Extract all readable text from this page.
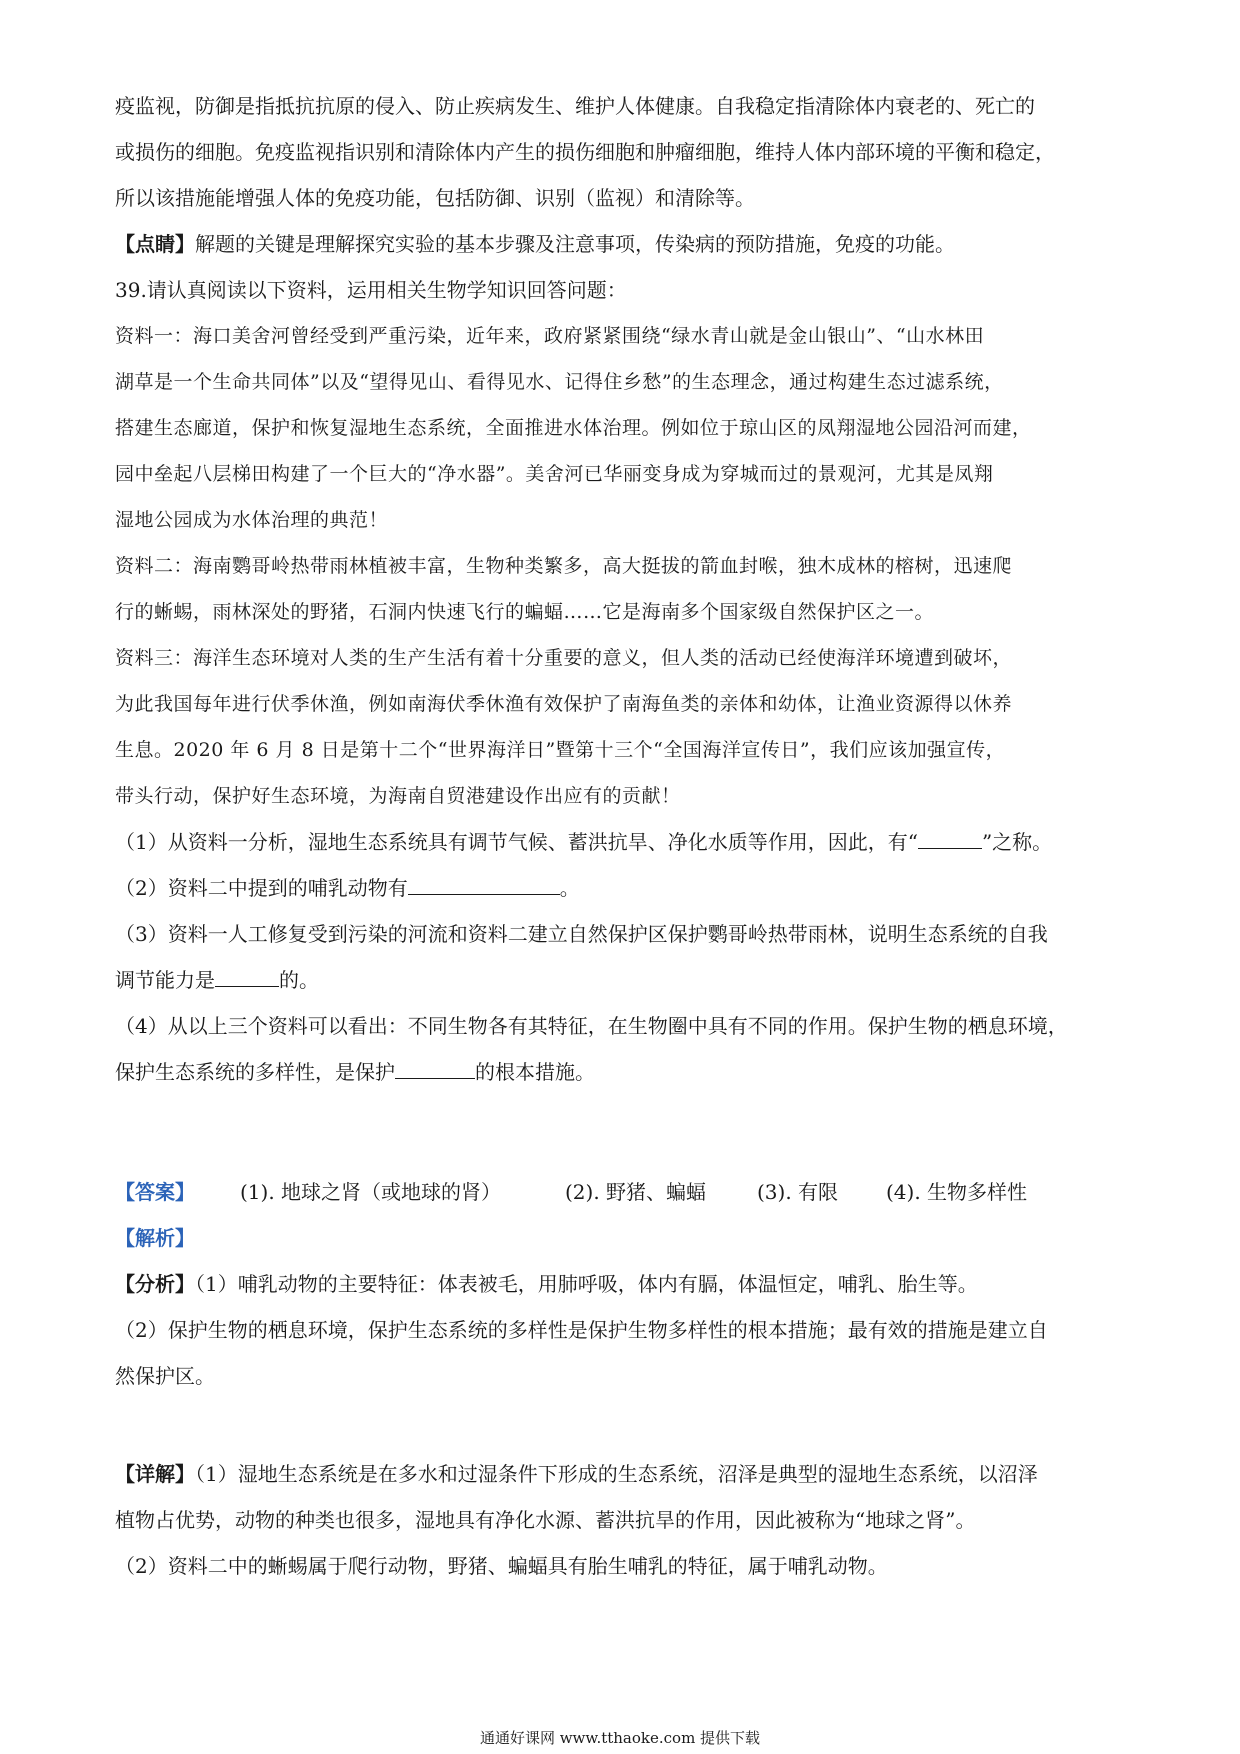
疫监视，防御是指抵抗抗原的侵入、防止疾病发生、维护人体健康。自我稳定指清除体内衰老的、死亡的
或损伤的细胞。免疫监视指识别和清除体内产生的损伤细胞和肿瘤细胞，维持人体内部环境的平衡和稳定，
所以该措施能增强人体的免疫功能，包括防御、识别（监视）和清除等。
【点睛】解题的关键是理解探究实验的基本步骤及注意事项，传染病的预防措施，免疫的功能。
39.请认真阅读以下资料，运用相关生物学知识回答问题：
资料一：海口美舍河曾经受到严重污染，近年来，政府紧紧围绕“绿水青山就是金山银山”、“山水林田
湖草是一个生命共同体”以及“望得见山、看得见水、记得住乡愁”的生态理念，通过构建生态过滤系统，
搭建生态廊道，保护和恢复湿地生态系统，全面推进水体治理。例如位于琼山区的凤翔湿地公园沿河而建，
园中垒起八层梯田构建了一个巨大的“净水器”。美舍河已华丽变身成为穿城而过的景观河，尤其是凤翔
湿地公园成为水体治理的典范！
资料二：海南鹦哥岭热带雨林植被丰富，生物种类繁多，高大挺拔的箭血封喉，独木成林的榕树，迅速爬
行的蜥蜴，雨林深处的野猪，石洞内快速飞行的蝙蝠……它是海南多个国家级自然保护区之一。
资料三：海洋生态环境对人类的生产生活有着十分重要的意义，但人类的活动已经使海洋环境遭到破坏，
为此我国每年进行伏季休渔，例如南海伏季休渔有效保护了南海鱼类的亲体和幼体，让渔业资源得以休养
生息。2020 年 6 月 8 日是第十二个“世界海洋日”暨第十三个“全国海洋宣传日”，我们应该加强宣传，
带头行动，保护好生态环境，为海南自贸港建设作出应有的贡献！
（1）从资料一分析，湿地生态系统具有调节气候、蓄洪抗旱、净化水质等作用，因此，有“	”之称。
（2）资料二中提到的哺乳动物有	。
（3）资料一人工修复受到污染的河流和资料二建立自然保护区保护鹦哥岭热带雨林，说明生态系统的自我
调节能力是	的。
（4）从以上三个资料可以看出：不同生物各有其特征，在生物圈中具有不同的作用。保护生物的栖息环境，
保护生态系统的多样性，是保护	的根本措施。
【答案】 (1). 地球之肾（或地球的肾）	(2). 野猪、蝙蝠	(3). 有限 (4). 生物多样性
【解析】
【分析】（1）哺乳动物的主要特征：体表被毛，用肺呼吸，体内有膈，体温恒定，哺乳、胎生等。
（2）保护生物的栖息环境，保护生态系统的多样性是保护生物多样性的根本措施；最有效的措施是建立自
然保护区。
【详解】（1）湿地生态系统是在多水和过湿条件下形成的生态系统，沼泽是典型的湿地生态系统，以沼泽
植物占优势，动物的种类也很多，湿地具有净化水源、蓄洪抗旱的作用，因此被称为“地球之肾”。
（2）资料二中的蜥蜴属于爬行动物，野猪、蝙蝠具有胎生哺乳的特征，属于哺乳动物。
通通好课网 www.tthaoke.com 提供下载
